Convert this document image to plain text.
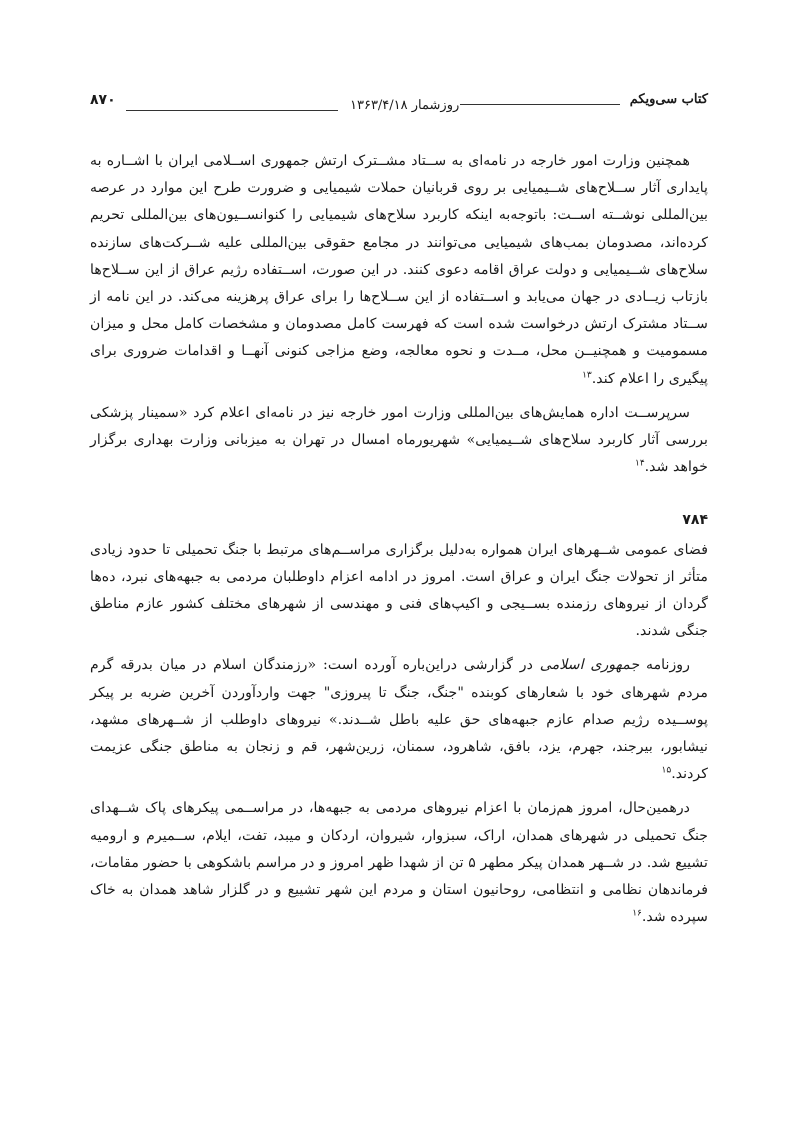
۸۷۰	روزشمار ۱۳۶۳/۴/۱۸	کتاب سی‌ویکم

همچنین وزارت امور خارجه در نامه‌ای به ســتاد مشــترک ارتش جمهوری اســلامی ایران با اشــاره به پایداری آثار ســلاح‌های شــیمیایی بر روی قربانیان حملات شیمیایی و ضرورت طرح این موارد در عرصه بین‌المللی نوشــته اســت: باتوجه‌به اینکه کاربرد سلاح‌های شیمیایی را کنوانســیون‌های بین‌المللی تحریم کرده‌اند، مصدومان بمب‌های شیمیایی می‌توانند در مجامع حقوقی بین‌المللی علیه شــرکت‌های سازنده سلاح‌های شــیمیایی و دولت عراق اقامه دعوی کنند. در این صورت، اســتفاده رژیم عراق از این ســلاح‌ها بازتاب زیــادی در جهان می‌یابد و اســتفاده از این ســلاح‌ها را برای عراق پرهزینه می‌کند. در این نامه از ســتاد مشترک ارتش درخواست شده است که فهرست کامل مصدومان و مشخصات کامل محل و میزان مسمومیت و همچنیــن محل، مــدت و نحوه معالجه، وضع مزاجی کنونی آنهــا و اقدامات ضروری برای پیگیری را اعلام کند.$^{۱۳}$

سرپرســت اداره همایش‌های بین‌المللی وزارت امور خارجه نیز در نامه‌ای اعلام کرد «سمینار پزشکی بررسی آثار کاربرد سلاح‌های شــیمیایی» شهریورماه امسال در تهران به میزبانی وزارت بهداری برگزار خواهد شد.$^{۱۴}$

۷۸۴

فضای عمومی شــهرهای ایران همواره به‌دلیل برگزاری مراســم‌های مرتبط با جنگ تحمیلی تا حدود زیادی متأثر از تحولات جنگ ایران و عراق است. امروز در ادامه اعزام داوطلبان مردمی به جبهه‌های نبرد، ده‌ها گردان از نیروهای رزمنده بســیجی و اکیپ‌های فنی و مهندسی از شهرهای مختلف کشور عازم مناطق جنگی شدند.

روزنامه جمهوری اسلامی در گزارشی دراین‌باره آورده است: «رزمندگان اسلام در میان بدرقه گرم مردم شهرهای خود با شعارهای کوبنده "جنگ، جنگ تا پیروزی" جهت واردآوردن آخرین ضربه بر پیکر پوســیده رژیم صدام عازم جبهه‌های حق علیه باطل شــدند.» نیروهای داوطلب از شــهرهای مشهد، نیشابور، بیرجند، جهرم، یزد، بافق، شاهرود، سمنان، زرین‌شهر، قم و زنجان به مناطق جنگی عزیمت کردند.$^{۱۵}$

درهمین‌حال، امروز هم‌زمان با اعزام نیروهای مردمی به جبهه‌ها، در مراســمی پیکرهای پاک شــهدای جنگ تحمیلی در شهرهای همدان، اراک، سبزوار، شیروان، اردکان و میبد، تفت، ایلام، ســمیرم و ارومیه تشییع شد. در شــهر همدان پیکر مطهر ۵ تن از شهدا ظهر امروز و در مراسم باشکوهی با حضور مقامات، فرماندهان نظامی و انتظامی، روحانیون استان و مردم این شهر تشییع و در گلزار شاهد همدان به خاک سپرده شد.$^{۱۶}$
